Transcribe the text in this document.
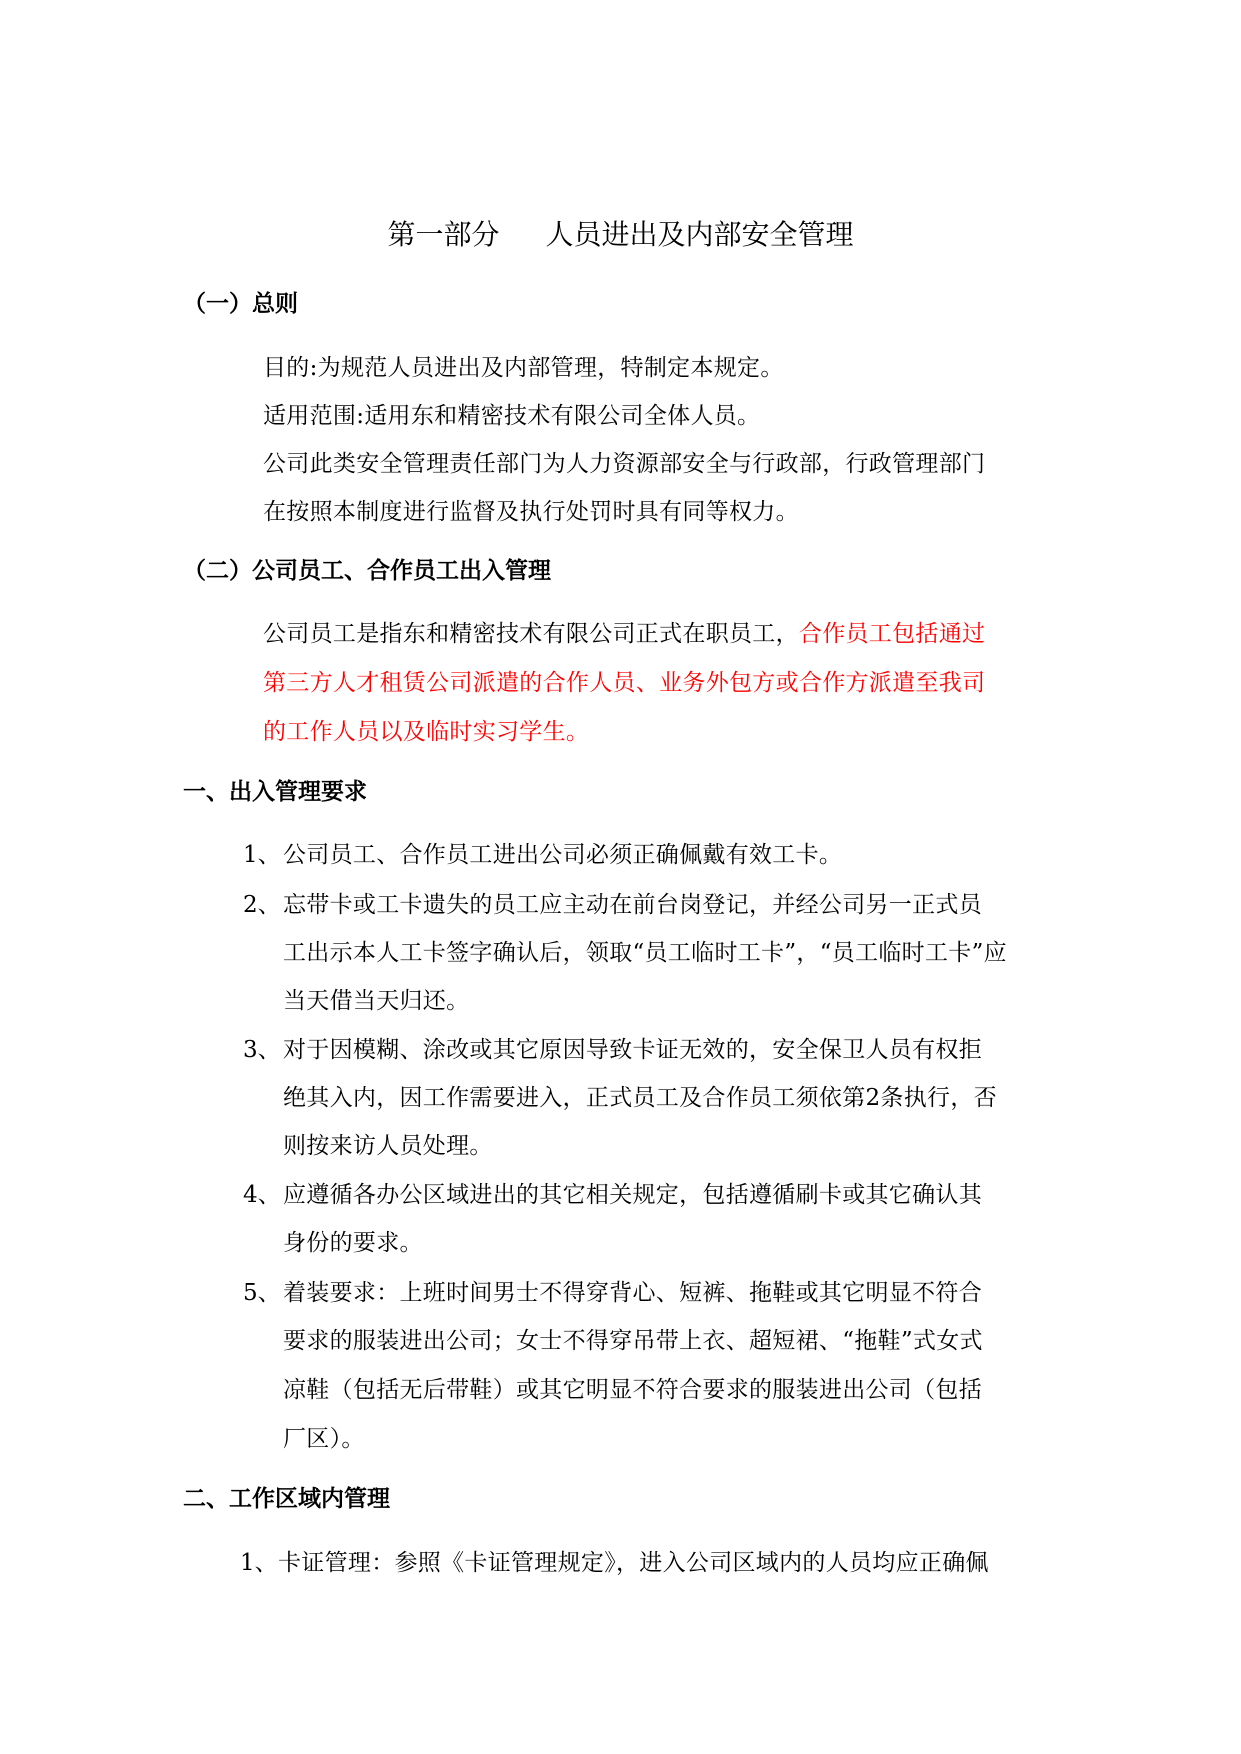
第一部分 人员进出及内部安全管理
（一）总则
目的:为规范人员进出及内部管理，特制定本规定。
适用范围:适用东和精密技术有限公司全体人员。
公司此类安全管理责任部门为人力资源部安全与行政部，行政管理部门
在按照本制度进行监督及执行处罚时具有同等权力。
（二）公司员工、合作员工出入管理
公司员工是指东和精密技术有限公司正式在职员工，合作员工包括通过
第三方人才租赁公司派遣的合作人员、业务外包方或合作方派遣至我司
的工作人员以及临时实习学生。
一、出入管理要求
1、 公司员工、合作员工进出公司必须正确佩戴有效工卡。
2、 忘带卡或工卡遗失的员工应主动在前台岗登记，并经公司另一正式员
工出示本人工卡签字确认后，领取“员工临时工卡”，“员工临时工卡”应
当天借当天归还。
3、 对于因模糊、涂改或其它原因导致卡证无效的，安全保卫人员有权拒
绝其入内，因工作需要进入，正式员工及合作员工须依第2条执行，否
则按来访人员处理。
4、 应遵循各办公区域进出的其它相关规定，包括遵循刷卡或其它确认其
身份的要求。
5、 着装要求：上班时间男士不得穿背心、短裤、拖鞋或其它明显不符合
要求的服装进出公司；女士不得穿吊带上衣、超短裙、“拖鞋”式女式
凉鞋（包括无后带鞋）或其它明显不符合要求的服装进出公司（包括
厂区）。
二、工作区域内管理
1、 卡证管理：参照《卡证管理规定》，进入公司区域内的人员均应正确佩
